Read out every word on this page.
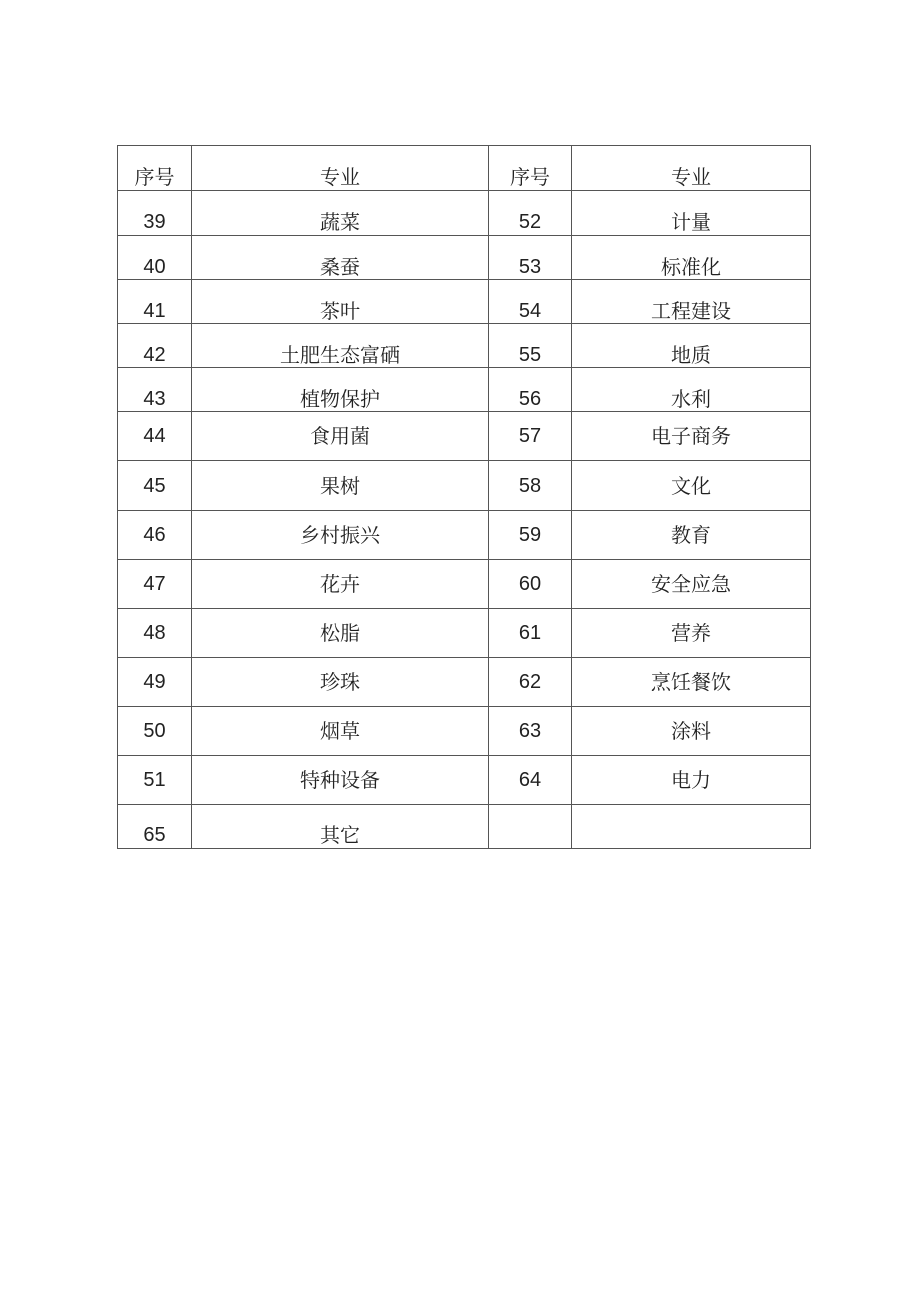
序号	专业	序号	专业
39	蔬菜	52	计量
40	桑蚕	53	标准化
41	茶叶	54	工程建设
42	土肥生态富硒	55	地质
43	植物保护	56	水利
44	食用菌	57	电子商务
45	果树	58	文化
46	乡村振兴	59	教育
47	花卉	60	安全应急
48	松脂	61	营养
49	珍珠	62	烹饪餐饮
50	烟草	63	涂料
51	特种设备	64	电力
65	其它		
